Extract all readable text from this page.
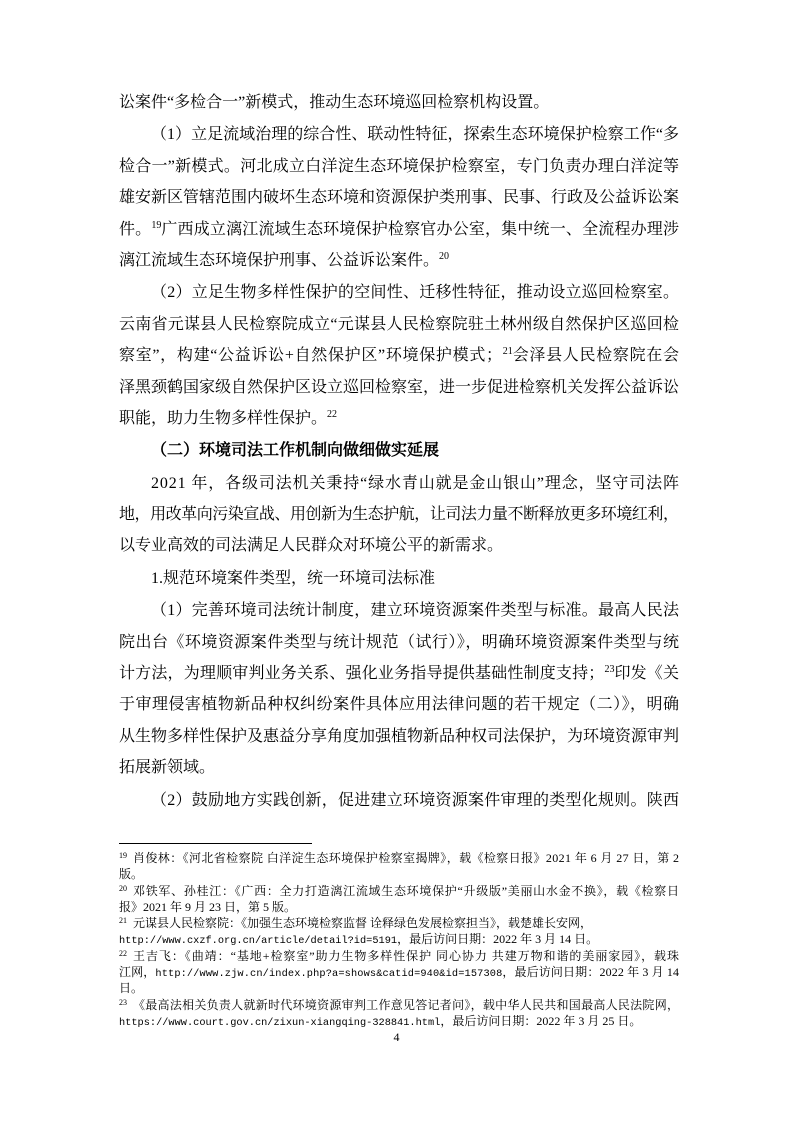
讼案件“多检合一”新模式，推动生态环境巡回检察机构设置。
（1）立足流域治理的综合性、联动性特征，探索生态环境保护检察工作“多
检合一”新模式。河北成立白洋淀生态环境保护检察室，专门负责办理白洋淀等
雄安新区管辖范围内破坏生态环境和资源保护类刑事、民事、行政及公益诉讼案
件。$^{19}$广西成立漓江流域生态环境保护检察官办公室，集中统一、全流程办理涉
漓江流域生态环境保护刑事、公益诉讼案件。$^{20}$
（2）立足生物多样性保护的空间性、迁移性特征，推动设立巡回检察室。
云南省元谋县人民检察院成立“元谋县人民检察院驻土林州级自然保护区巡回检
察室”，构建“公益诉讼+自然保护区”环境保护模式；$^{21}$会泽县人民检察院在会
泽黑颈鹤国家级自然保护区设立巡回检察室，进一步促进检察机关发挥公益诉讼
职能，助力生物多样性保护。$^{22}$
（二）环境司法工作机制向做细做实延展
2021 年，各级司法机关秉持“绿水青山就是金山银山”理念，坚守司法阵
地，用改革向污染宣战、用创新为生态护航，让司法力量不断释放更多环境红利，
以专业高效的司法满足人民群众对环境公平的新需求。
1.规范环境案件类型，统一环境司法标准
（1）完善环境司法统计制度，建立环境资源案件类型与标准。最高人民法
院出台《环境资源案件类型与统计规范（试行）》，明确环境资源案件类型与统
计方法，为理顺审判业务关系、强化业务指导提供基础性制度支持；$^{23}$印发《关
于审理侵害植物新品种权纠纷案件具体应用法律问题的若干规定（二）》，明确
从生物多样性保护及惠益分享角度加强植物新品种权司法保护，为环境资源审判
拓展新领域。
（2）鼓励地方实践创新，促进建立环境资源案件审理的类型化规则。陕西
$^{19}$ 肖俊林：《河北省检察院 白洋淀生态环境保护检察室揭牌》，载《检察日报》2021 年 6 月 27 日，第 2
版。
$^{20}$ 邓铁军、孙桂江：《广西：全力打造漓江流域生态环境保护“升级版”美丽山水金不换》，载《检察日
报》2021 年 9 月 23 日，第 5 版。
$^{21}$ 元谋县人民检察院：《加强生态环境检察监督 诠释绿色发展检察担当》，载楚雄长安网，
http://www.cxzf.org.cn/article/detail?id=5191，最后访问日期：2022 年 3 月 14 日。
$^{22}$ 王吉飞：《曲靖：“基地+检察室”助力生物多样性保护 同心协力 共建万物和谐的美丽家园》，载珠
江网，http://www.zjw.cn/index.php?a=shows&catid=940&id=157308，最后访问日期：2022 年 3 月 14
日。
$^{23}$ 《最高法相关负责人就新时代环境资源审判工作意见答记者问》，载中华人民共和国最高人民法院网，
https://www.court.gov.cn/zixun-xiangqing-328841.html，最后访问日期：2022 年 3 月 25 日。
4
